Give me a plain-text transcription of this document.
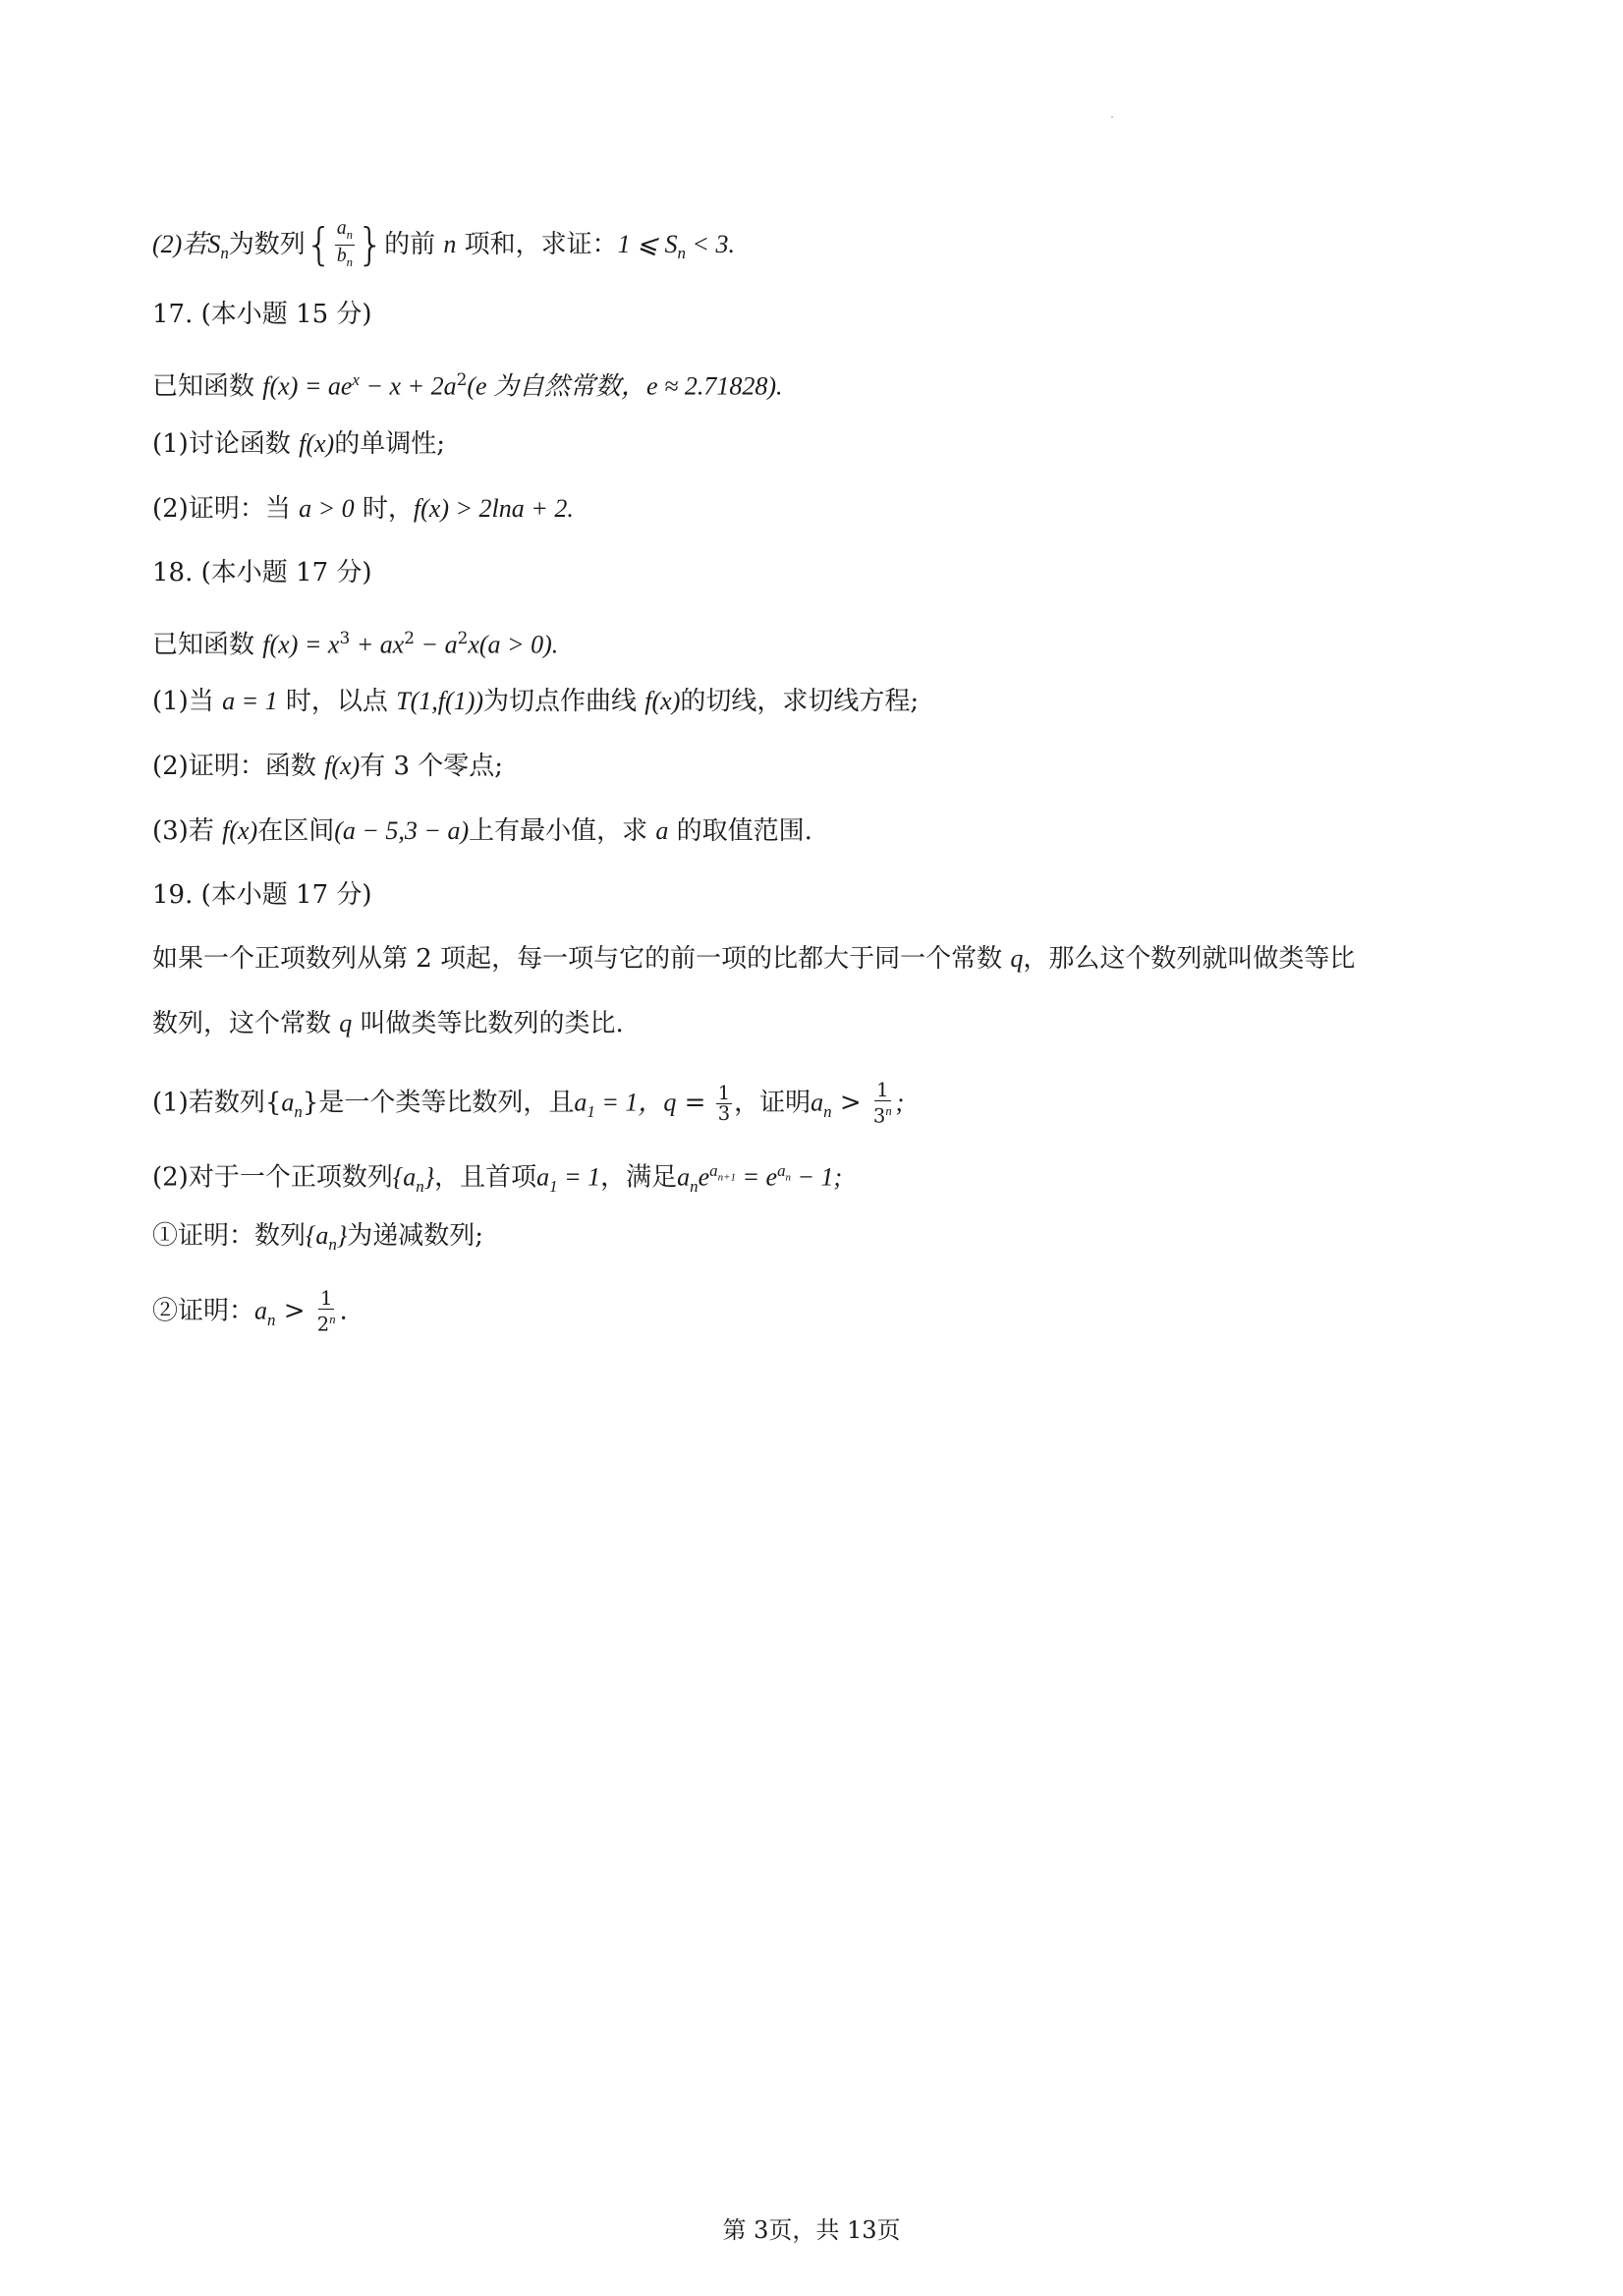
(2)若$S_n$为数列{ $\frac{a_n}{b_n}$ }的前 n 项和，求证：1 ⩽ $S_n < 3$.
17. (本小题 15 分)
已知函数 $f(x) = ae^x - x + 2a^2(e$ 为自然常数，e ≈ 2.71828).
(1)讨论函数 f(x)的单调性;
(2)证明：当 a > 0 时，f(x) > 2lna + 2.
18. (本小题 17 分)
已知函数 $f(x) = x^3 + ax^2 - a^2x(a > 0)$.
(1)当 a = 1 时，以点 T(1,f(1))为切点作曲线 f(x)的切线，求切线方程;
(2)证明：函数 f(x)有 3 个零点;
(3)若 f(x)在区间(a − 5,3 − a)上有最小值，求 a 的取值范围.
19. (本小题 17 分)
如果一个正项数列从第 2 项起，每一项与它的前一项的比都大于同一个常数 q，那么这个数列就叫做类等比
数列，这个常数 q 叫做类等比数列的类比.
(1)若数列$\{a_n\}$是一个类等比数列，且$a_1 = 1$，$q = \frac{1}{3}$ ，证明$a_n > \frac{1}{3^n}$ ;
(2)对于一个正项数列$\{a_n\}$，且首项$a_1 = 1$，满足$a_ne^{a_{n+1}} = e^{a_n} - 1$;
①证明：数列$\{a_n\}$为递减数列;
②证明：$a_n > \frac{1}{2^n}$ .
第 3页，共 13页
